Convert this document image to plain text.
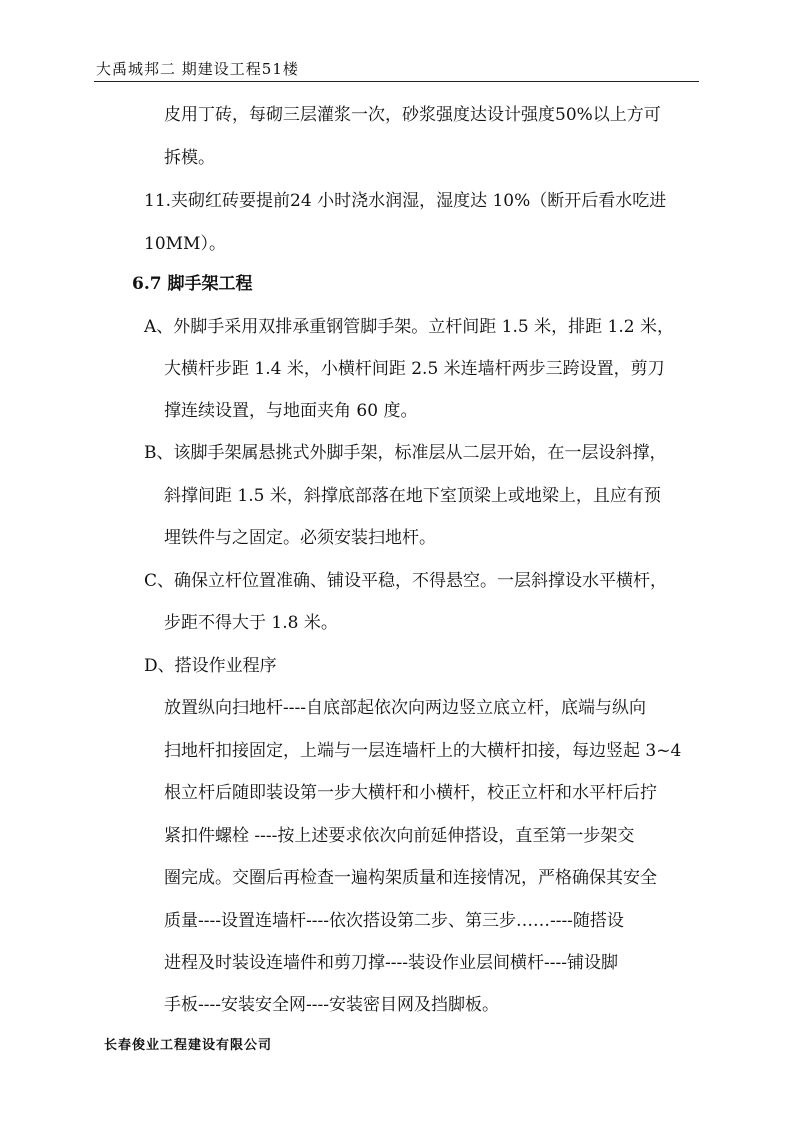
大禹城邦二 期建设工程51楼
皮用丁砖，每砌三层灌浆一次，砂浆强度达设计强度50%以上方可
拆模。
11.夹砌红砖要提前24 小时浇水润湿，湿度达 10%（断开后看水吃进
10MM）。
6.7 脚手架工程
A、外脚手采用双排承重钢管脚手架。立杆间距 1.5 米，排距 1.2 米，
大横杆步距 1.4 米，小横杆间距 2.5 米连墙杆两步三跨设置，剪刀
撑连续设置，与地面夹角 60 度。
B、该脚手架属悬挑式外脚手架，标准层从二层开始，在一层设斜撑，
斜撑间距 1.5 米，斜撑底部落在地下室顶梁上或地梁上，且应有预
埋铁件与之固定。必须安装扫地杆。
C、确保立杆位置准确、铺设平稳，不得悬空。一层斜撑设水平横杆，
步距不得大于 1.8 米。
D、搭设作业程序
放置纵向扫地杆----自底部起依次向两边竖立底立杆，底端与纵向
扫地杆扣接固定，上端与一层连墙杆上的大横杆扣接，每边竖起 3~4
根立杆后随即装设第一步大横杆和小横杆，校正立杆和水平杆后拧
紧扣件螺栓 ----按上述要求依次向前延伸搭设，直至第一步架交
圈完成。交圈后再检查一遍构架质量和连接情况，严格确保其安全
质量----设置连墙杆----依次搭设第二步、第三步……----随搭设
进程及时装设连墙件和剪刀撑----装设作业层间横杆----铺设脚
手板----安装安全网----安装密目网及挡脚板。
长春俊业工程建设有限公司
